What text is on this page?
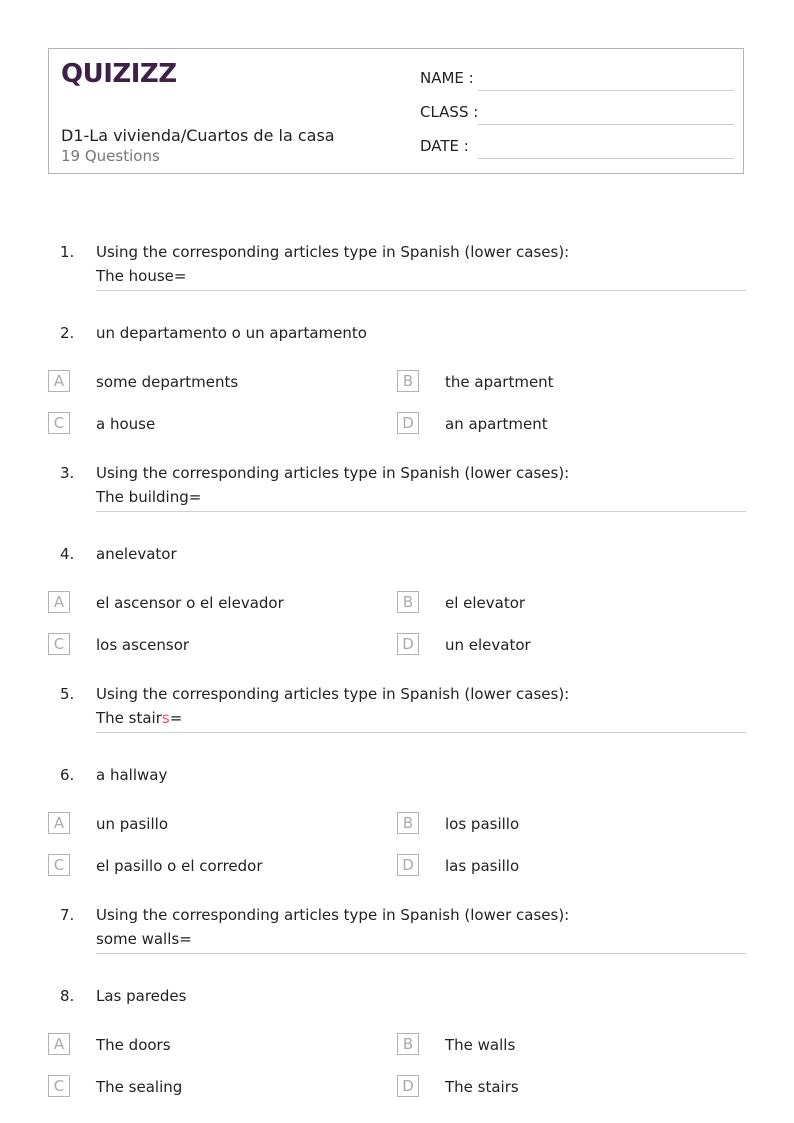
QUIZIZZ
D1-La vivienda/Cuartos de la casa
19 Questions
NAME :
CLASS :
DATE :
1. Using the corresponding articles type in Spanish (lower cases):
The house=
2. un departamento o un apartamento
A	some departments	B	the apartment
C	a house	D	an apartment
3. Using the corresponding articles type in Spanish (lower cases):
The building=
4. anelevator
A	el ascensor o el elevador	B	el elevator
C	los ascensor	D	un elevator
5. Using the corresponding articles type in Spanish (lower cases):
The stairs=
6. a hallway
A	un pasillo	B	los pasillo
C	el pasillo o el corredor	D	las pasillo
7. Using the corresponding articles type in Spanish (lower cases):
some walls=
8. Las paredes
A	The doors	B	The walls
C	The sealing	D	The stairs
